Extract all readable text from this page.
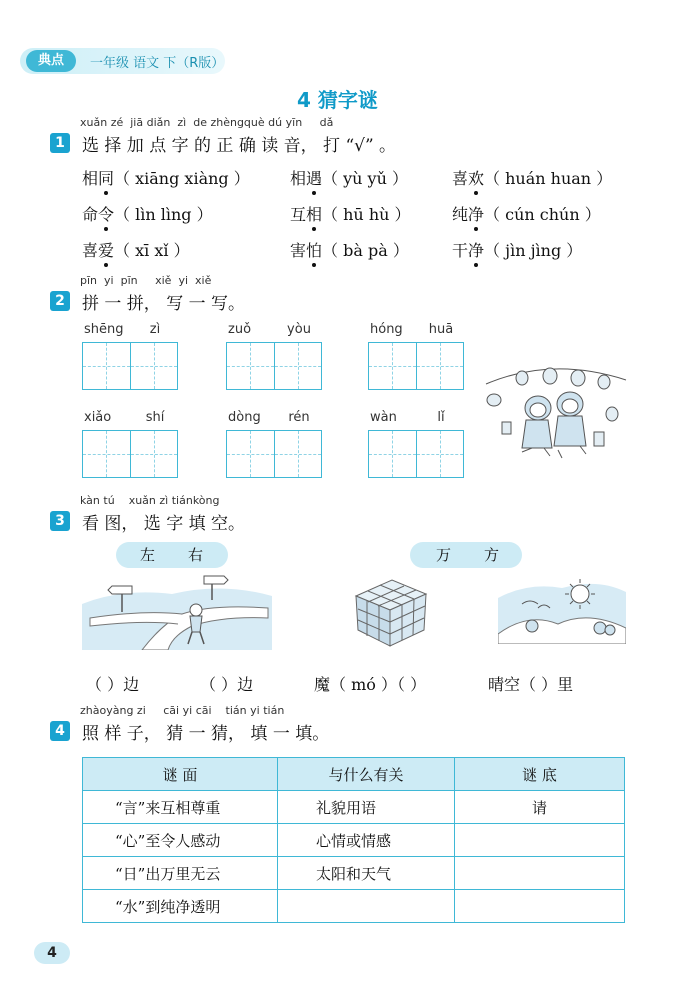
典点	一年级 语文 下（R版）
4 猜字谜
xuǎn zé jiā diǎn zì de zhèngquè dú yīn dǎ
1	选 择 加 点 字 的 正 确 读 音， 打 “√” 。
相同（ xiāng xiàng ）	相遇（ yù yǔ ）	喜欢（ huán huan ）
命令（ lìn lìng ）	互相（ hū hù ）	纯净（ cún chún ）
喜爱（ xī xǐ ）	害怕（ bà pà ）	干净（ jìn jìng ）
pīn yi pīn xiě yi xiě
2	拼 一 拼， 写 一 写。
shēng zì	zuǒ	yòu	hóng huā
xiǎo	shí	dòng rén	wàn	lǐ
kàn tú xuǎn zì tiánkòng
3	看 图， 选 字 填 空。
左 右	万 方
（ ）边	（ ）边	魔（ mó ）（ ）	晴空（ ）里
zhàoyàng zi cāi yi cāi tián yi tián
4	照 样 子， 猜 一 猜， 填 一 填。
谜 面	与什么有关	谜 底
“言”来互相尊重	礼貌用语	请
“心”至令人感动	心情或情感	
“日”出万里无云	太阳和天气	
“水”到纯净透明		
4
